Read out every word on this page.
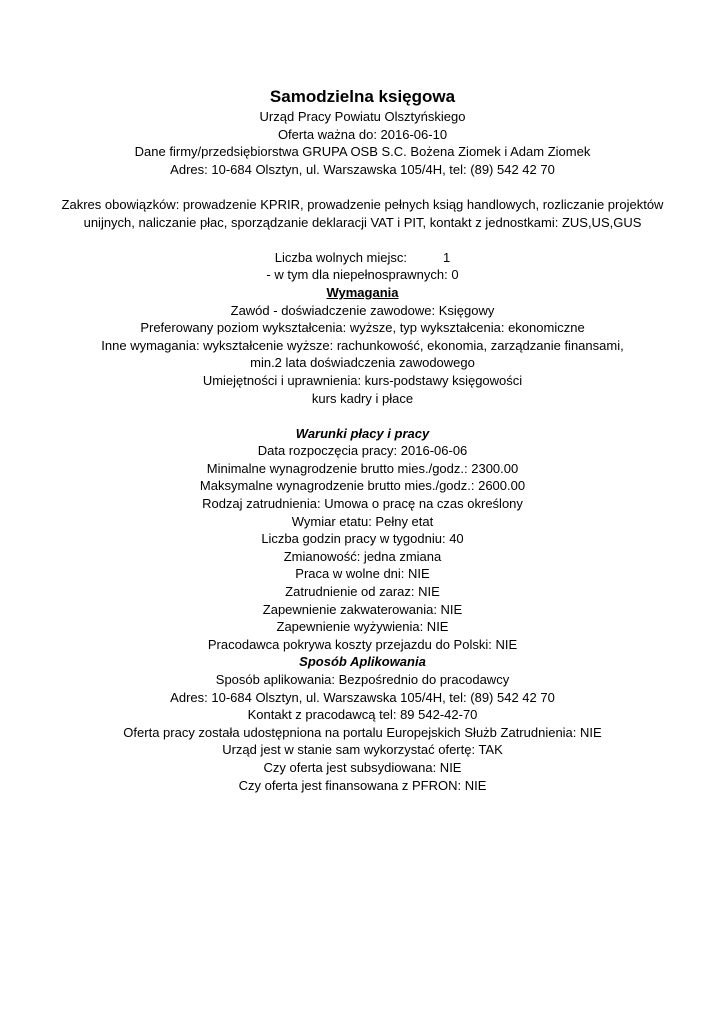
Samodzielna księgowa

Urząd Pracy Powiatu Olsztyńskiego

Oferta ważna do: 2016-06-10

Dane firmy/przedsiębiorstwa GRUPA OSB S.C. Bożena Ziomek i Adam Ziomek

Adres: 10-684 Olsztyn, ul. Warszawska 105/4H, tel: (89) 542 42 70

Zakres obowiązków: prowadzenie KPRIR, prowadzenie pełnych ksiąg handlowych, rozliczanie projektów unijnych, naliczanie płac, sporządzanie deklaracji VAT i PIT, kontakt z jednostkami: ZUS,US,GUS

Liczba wolnych miejsc:	1

- w tym dla niepełnosprawnych: 0

Wymagania

Zawód - doświadczenie zawodowe: Księgowy

Preferowany poziom wykształcenia: wyższe, typ wykształcenia: ekonomiczne

Inne wymagania: wykształcenie wyższe: rachunkowość, ekonomia, zarządzanie finansami,

min.2 lata doświadczenia zawodowego

Umiejętności i uprawnienia: kurs-podstawy księgowości

kurs kadry i płace

Warunki płacy i pracy

Data rozpoczęcia pracy: 2016-06-06

Minimalne wynagrodzenie brutto mies./godz.: 2300.00

Maksymalne wynagrodzenie brutto mies./godz.: 2600.00

Rodzaj zatrudnienia: Umowa o pracę na czas określony

Wymiar etatu: Pełny etat

Liczba godzin pracy w tygodniu: 40

Zmianowość: jedna zmiana

Praca w wolne dni: NIE

Zatrudnienie od zaraz: NIE

Zapewnienie zakwaterowania: NIE

Zapewnienie wyżywienia: NIE

Pracodawca pokrywa koszty przejazdu do Polski: NIE

Sposób Aplikowania

Sposób aplikowania: Bezpośrednio do pracodawcy

Adres: 10-684 Olsztyn, ul. Warszawska 105/4H, tel: (89) 542 42 70

Kontakt z pracodawcą tel: 89 542-42-70

Oferta pracy została udostępniona na portalu Europejskich Służb Zatrudnienia: NIE

Urząd jest w stanie sam wykorzystać ofertę: TAK

Czy oferta jest subsydiowana: NIE

Czy oferta jest finansowana z PFRON: NIE
